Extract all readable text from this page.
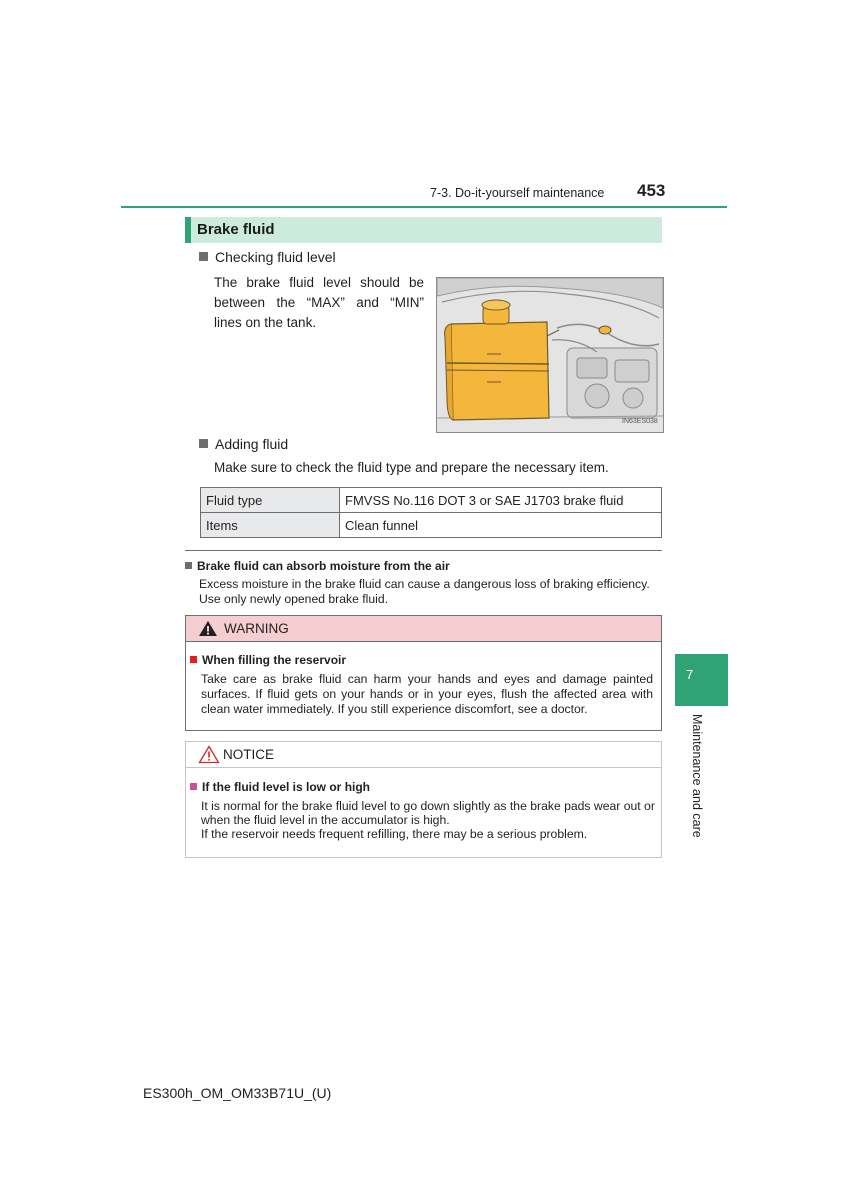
7-3. Do-it-yourself maintenance 453
Brake fluid
Checking fluid level
The brake fluid level should be between the “MAX” and “MIN” lines on the tank.
IN63ES038
Adding fluid
Make sure to check the fluid type and prepare the necessary item.
Fluid type	FMVSS No.116 DOT 3 or SAE J1703 brake fluid
Items	Clean funnel
Brake fluid can absorb moisture from the air
Excess moisture in the brake fluid can cause a dangerous loss of braking efficiency. Use only newly opened brake fluid.
WARNING
When filling the reservoir
Take care as brake fluid can harm your hands and eyes and damage painted surfaces. If fluid gets on your hands or in your eyes, flush the affected area with clean water immediately. If you still experience discomfort, see a doctor.
NOTICE
If the fluid level is low or high
It is normal for the brake fluid level to go down slightly as the brake pads wear out or when the fluid level in the accumulator is high.
If the reservoir needs frequent refilling, there may be a serious problem.
7
Maintenance and care
ES300h_OM_OM33B71U_(U)
